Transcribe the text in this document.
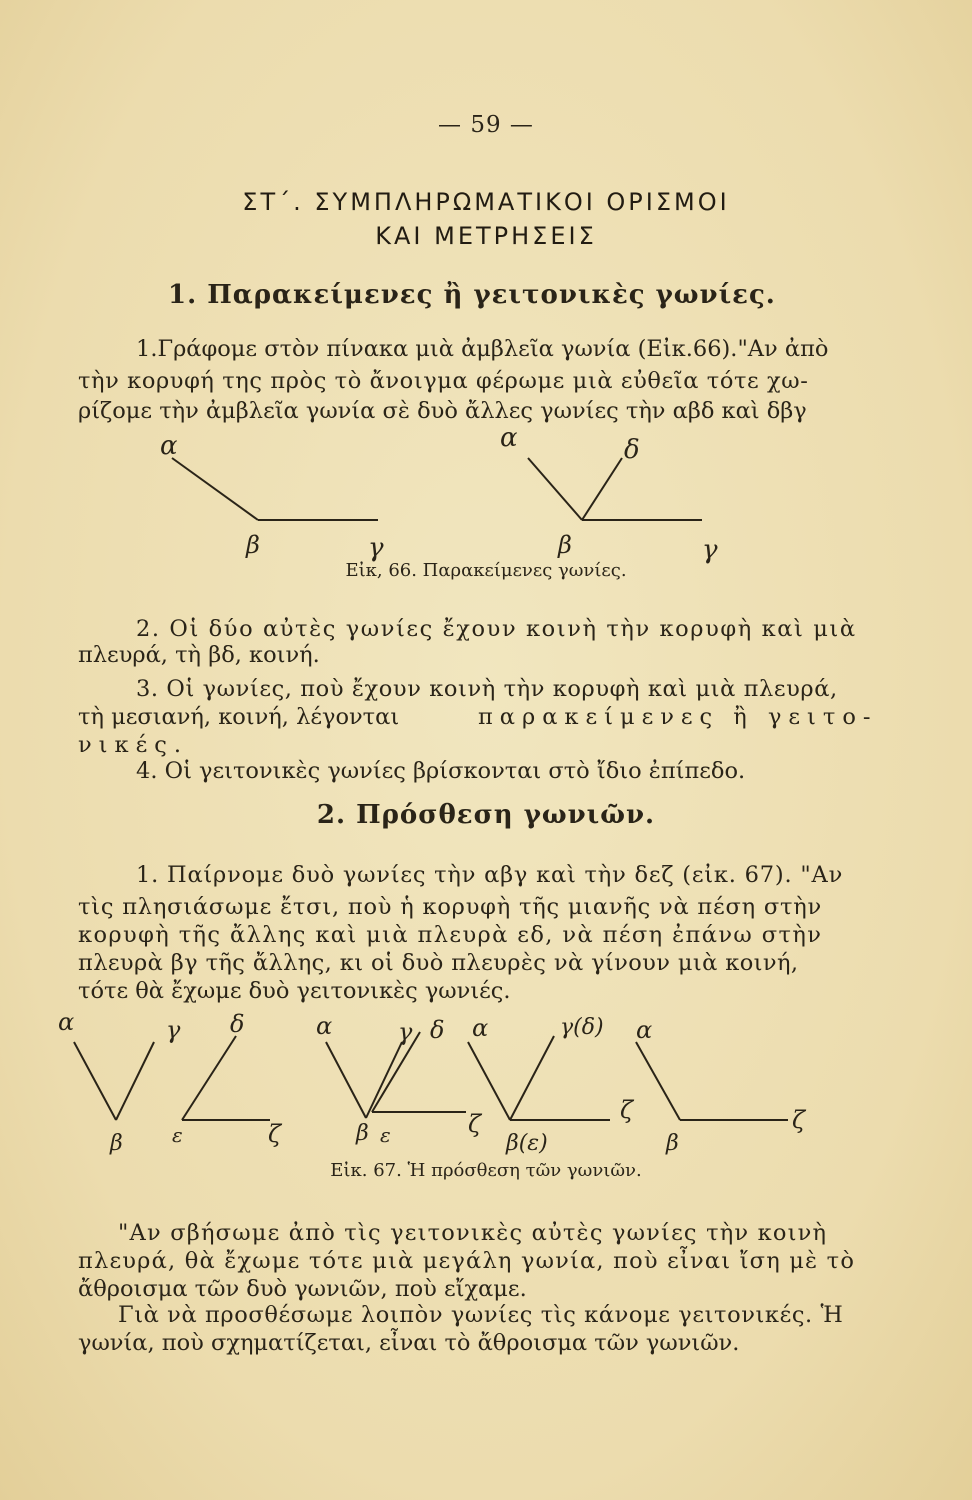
— 59 —
ΣΤ΄. ΣΥΜΠΛΗΡΩΜΑΤΙΚΟΙ ΟΡΙΣΜΟΙ
ΚΑΙ ΜΕΤΡΗΣΕΙΣ
1. Παρακείμενες ἢ γειτονικὲς γωνίες.
1.Γράφομε στὸν πίνακα μιὰ ἀμβλεῖα γωνία (Εἰκ.66)."Αν ἀπὸ
τὴν κορυφή της πρὸς τὸ ἄνοιγμα φέρωμε μιὰ εὐθεῖα τότε χω-
ρίζομε τὴν ἀμβλεῖα γωνία σὲ δυὸ ἄλλες γωνίες τὴν αβδ καὶ δβγ
α
β	γ
α	δ
β	γ
α	γ δ
β ε	ζ
α	γ δ
β ε	ζ
α	γ(δ)
β(ε)
ζ
α
β
ζ
Εἰκ, 66. Παρακείμενες γωνίες.
2. Οἱ δύο αὐτὲς γωνίες ἔχουν κοινὴ τὴν κορυφὴ καὶ μιὰ
πλευρά, τὴ βδ, κοινή.
3. Οἱ γωνίες, ποὺ ἔχουν κοινὴ τὴν κορυφὴ καὶ μιὰ πλευρά,
τὴ μεσιανή, κοινή, λέγονται	παρακείμενες ἢ γειτο-
νικές.
4. Οἱ γειτονικὲς γωνίες βρίσκονται στὸ ἴδιο ἐπίπεδο.
2. Πρόσθεση γωνιῶν.
1. Παίρνομε δυὸ γωνίες τὴν αβγ καὶ τὴν δεζ (εἰκ. 67). "Αν
τὶς πλησιάσωμε ἔτσι, ποὺ ἡ κορυφὴ τῆς μιανῆς νὰ πέση στὴν
κορυφὴ τῆς ἄλλης καὶ μιὰ πλευρὰ εδ, νὰ πέση ἐπάνω στὴν
πλευρὰ βγ τῆς ἄλλης, κι οἱ δυὸ πλευρὲς νὰ γίνουν μιὰ κοινή,
τότε θὰ ἔχωμε δυὸ γειτονικὲς γωνιές.
Εἰκ. 67. Ἡ πρόσθεση τῶν γωνιῶν.
"Αν σβήσωμε ἀπὸ τὶς γειτονικὲς αὐτὲς γωνίες τὴν κοινὴ
πλευρά, θὰ ἔχωμε τότε μιὰ μεγάλη γωνία, ποὺ εἶναι ἴση μὲ τὸ
ἄθροισμα τῶν δυὸ γωνιῶν, ποὺ εἴχαμε.
Γιὰ νὰ προσθέσωμε λοιπὸν γωνίες τὶς κάνομε γειτονικές. Ἡ
γωνία, ποὺ σχηματίζεται, εἶναι τὸ ἄθροισμα τῶν γωνιῶν.
